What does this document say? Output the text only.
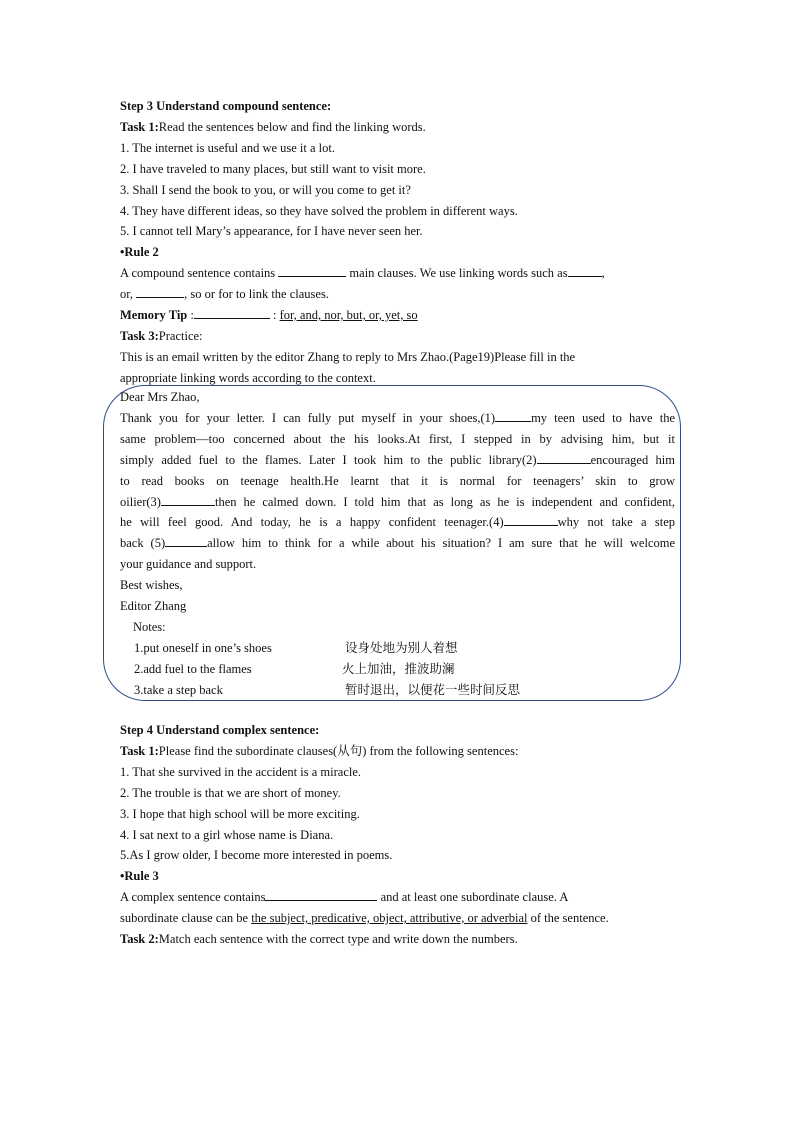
Step 3 Understand compound sentence:
Task 1:Read the sentences below and find the linking words.
1. The internet is useful and we use it a lot.
2. I have traveled to many places, but still want to visit more.
3. Shall I send the book to you, or will you come to get it?
4. They have different ideas, so they have solved the problem in different ways.
5. I cannot tell Mary’s appearance, for I have never seen her.
•Rule 2
A compound sentence contains	main clauses. We use linking words such as	,
or,	, so or for to link the clauses.
Memory Tip :	: for, and, nor, but, or, yet, so
Task 3:Practice:
This is an email written by the editor Zhang to reply to Mrs Zhao.(Page19)Please fill in the
appropriate linking words according to the context.
Dear Mrs Zhao,
Thank you for your letter. I can fully put myself in your shoes,(1)	my teen used to have the
same problem—too concerned about the his looks.At first, I stepped in by advising him, but it
simply added fuel to the flames. Later I took him to the public library(2)	encouraged him
to read books on teenage health.He learnt that it is normal for teenagers’ skin to grow
oilier(3)	then he calmed down. I told him that as long as he is independent and confident,
he will feel good. And today, he is a happy confident teenager.(4)	why not take a step
back (5)	allow him to think for a while about his situation? I am sure that he will welcome
your guidance and support.
Best wishes,
Editor Zhang
Notes:
1.put oneself in one’s shoes	设身处地为别人着想
2.add fuel to the flames	火上加油，推波助澜
3.take a step back	暂时退出，以便花一些时间反思
Step 4 Understand complex sentence:
Task 1:Please find the subordinate clauses(从句) from the following sentences:
1. That she survived in the accident is a miracle.
2. The trouble is that we are short of money.
3. I hope that high school will be more exciting.
4. I sat next to a girl whose name is Diana.
5.As I grow older, I become more interested in poems.
•Rule 3
A complex sentence contains	and at least one subordinate clause. A
subordinate clause can be the subject, predicative, object, attributive, or adverbial of the sentence.
Task 2:Match each sentence with the correct type and write down the numbers.
